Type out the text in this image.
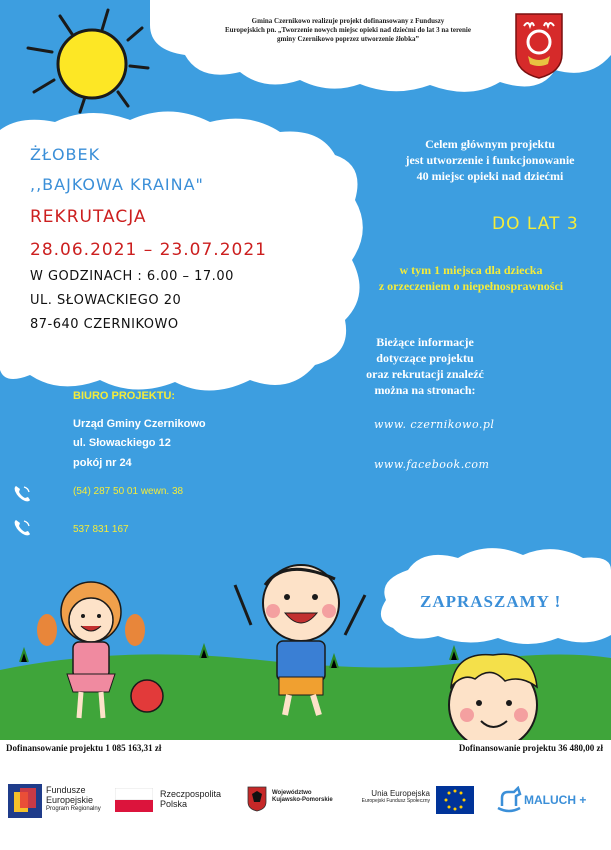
Gmina Czernikowo realizuje projekt dofinansowany z Funduszy
Europejskich pn. „Tworzenie nowych miejsc opieki nad dziećmi do lat 3 na terenie
gminy Czernikowo poprzez utworzenie żłobka”
ŻŁOBEK
,,BAJKOWA KRAINA"
REKRUTACJA
28.06.2021 – 23.07.2021
W GODZINACH : 6.00 – 17.00
UL. SŁOWACKIEGO 20
87-640 CZERNIKOWO
Celem głównym projektu
jest utworzenie i funkcjonowanie
40 miejsc opieki nad dziećmi
DO LAT 3
w tym 1 miejsca dla dziecka
z orzeczeniem o niepełnosprawności
Bieżące informacje
dotyczące projektu
oraz rekrutacji znaleźć
można na stronach:
www. czernikowo.pl
www.facebook.com
BIURO PROJEKTU:
Urząd Gminy Czernikowo
ul. Słowackiego 12
pokój nr 24
(54) 287 50 01 wewn. 38
537 831 167
ZAPRASZAMY !
Dofinansowanie projektu 1 085 163,31 zł	Dofinansowanie projektu 36 480,00 zł
Fundusze
Europejskie
Program Regionalny
Rzeczpospolita
Polska
Województwo
Kujawsko-Pomorskie
Unia Europejska
Europejski Fundusz Społeczny	MALUCH +
